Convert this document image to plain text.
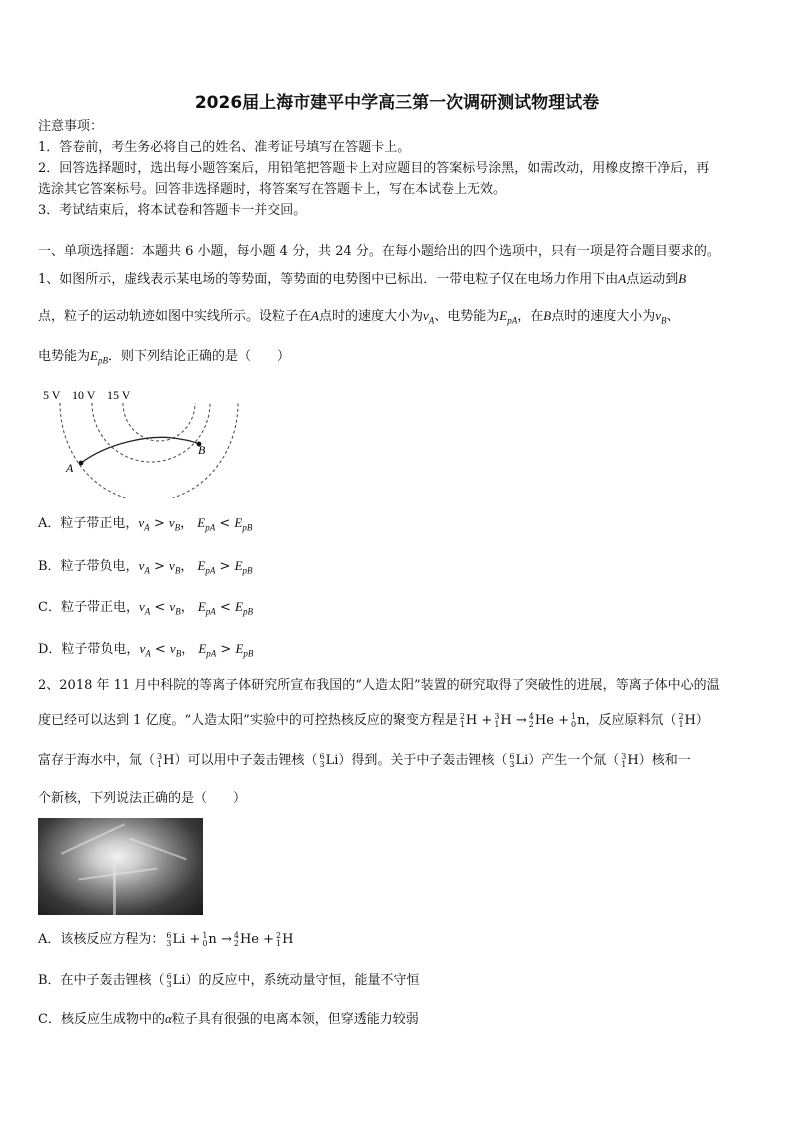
2026届上海市建平中学高三第一次调研测试物理试卷
注意事项：
1．答卷前，考生务必将自己的姓名、准考证号填写在答题卡上。
2．回答选择题时，选出每小题答案后，用铅笔把答题卡上对应题目的答案标号涂黑，如需改动，用橡皮擦干净后，再
选涂其它答案标号。回答非选择题时，将答案写在答题卡上，写在本试卷上无效。
3．考试结束后，将本试卷和答题卡一并交回。
一、单项选择题：本题共 6 小题，每小题 4 分，共 24 分。在每小题给出的四个选项中，只有一项是符合题目要求的。
1、如图所示，虚线表示某电场的等势面，等势面的电势图中已标出．一带电粒子仅在电场力作用下由A点运动到B
点，粒子的运动轨迹如图中实线所示。设粒子在A点时的速度大小为$v_A$、电势能为$E_{pA}$，在B点时的速度大小为$v_B$、
电势能为$E_{pB}$．则下列结论正确的是（　　）
5 V 10 V 15 V
A
B
A．粒子带正电，$v_A > v_B$， $E_{pA} < E_{pB}$
B．粒子带负电，$v_A > v_B$， $E_{pA} > E_{pB}$
C．粒子带正电，$v_A < v_B$， $E_{pA} < E_{pB}$
D．粒子带负电，$v_A < v_B$， $E_{pA} > E_{pB}$
2、2018 年 11 月中科院的等离子体研究所宣布我国的“人造太阳”装置的研究取得了突破性的进展，等离子体中心的温
度已经可以达到 1 亿度。“人造太阳”实验中的可控热核反应的聚变方程是 2
1 H + 3
1 H → 4
2 He + 1
0 n，反应原料氘（ 2
1 H）
富存于海水中，氚（ 3
1 H）可以用中子轰击锂核（ 6
3 Li）得到。关于中子轰击锂核（ 6
3 Li）产生一个氚（ 3
1 H）核和一
个新核，下列说法正确的是（　　）
A．该核反应方程为： 6
3 Li + 1
0 n → 4
2 He + 2
1 H
B．在中子轰击锂核（ 6
3 Li）的反应中，系统动量守恒，能量不守恒
C．核反应生成物中的α粒子具有很强的电离本领，但穿透能力较弱
